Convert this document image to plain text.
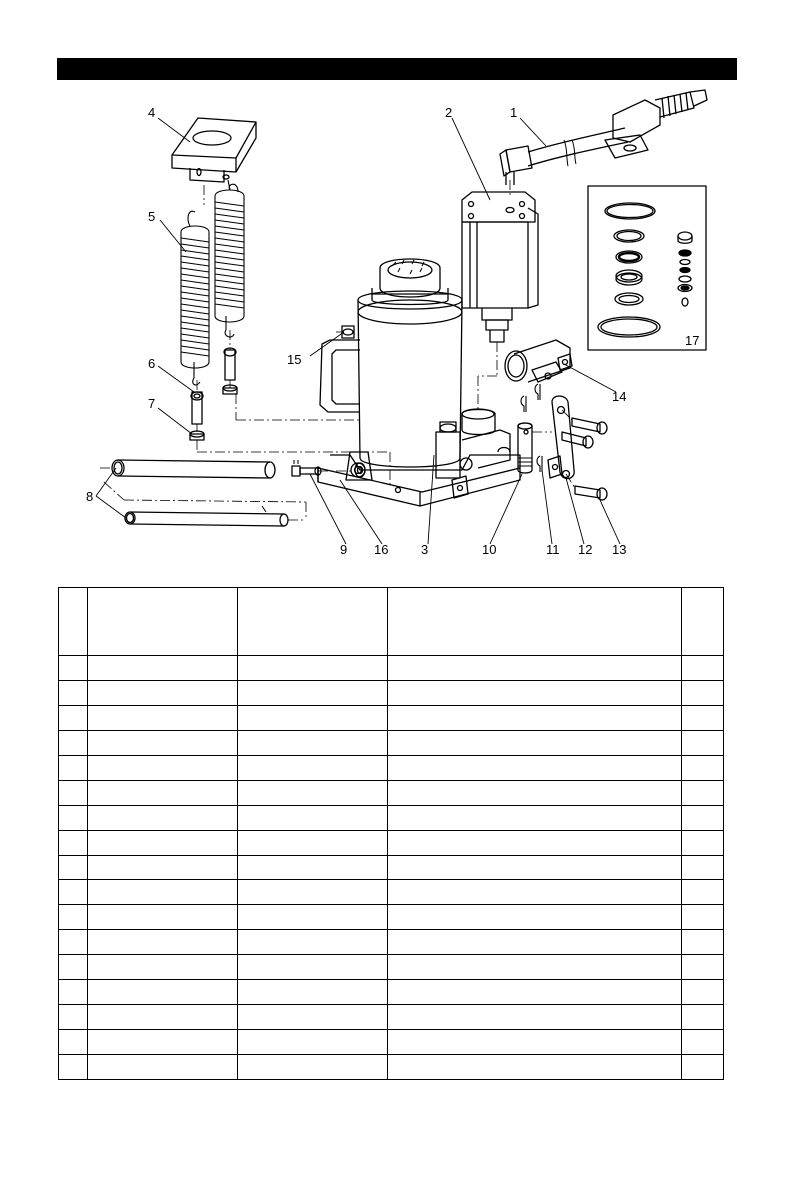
1
2
3
4
5
6
7
8
9	10	11 12 13
14
15
16
17
